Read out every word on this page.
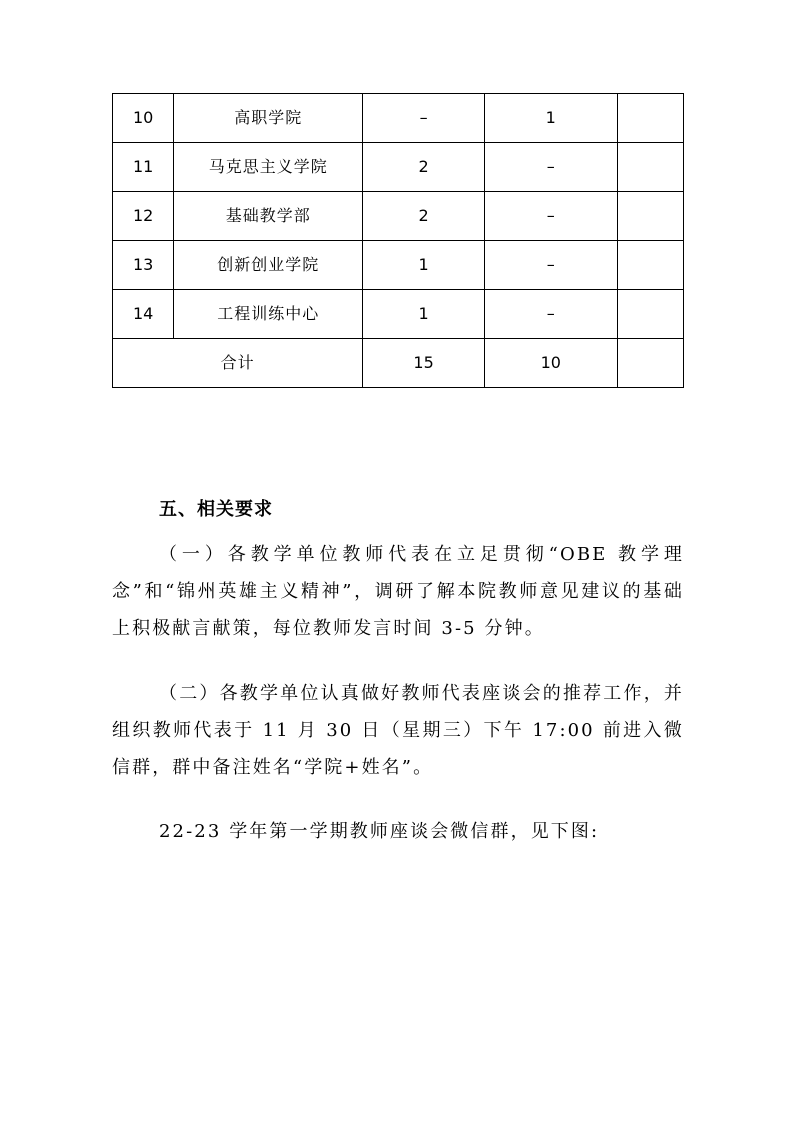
10	高职学院	–	1	
11	马克思主义学院	2	–	
12	基础教学部	2	–	
13	创新创业学院	1	–	
14	工程训练中心	1	–	
合计		15	10	
五、相关要求

（一）各教学单位教师代表在立足贯彻“OBE 教学理念”和“锦州英雄主义精神”，调研了解本院教师意见建议的基础上积极献言献策，每位教师发言时间 3-5 分钟。

（二）各教学单位认真做好教师代表座谈会的推荐工作，并组织教师代表于 11 月 30 日（星期三）下午 17:00 前进入微信群，群中备注姓名“学院+姓名”。

22-23 学年第一学期教师座谈会微信群，见下图:
